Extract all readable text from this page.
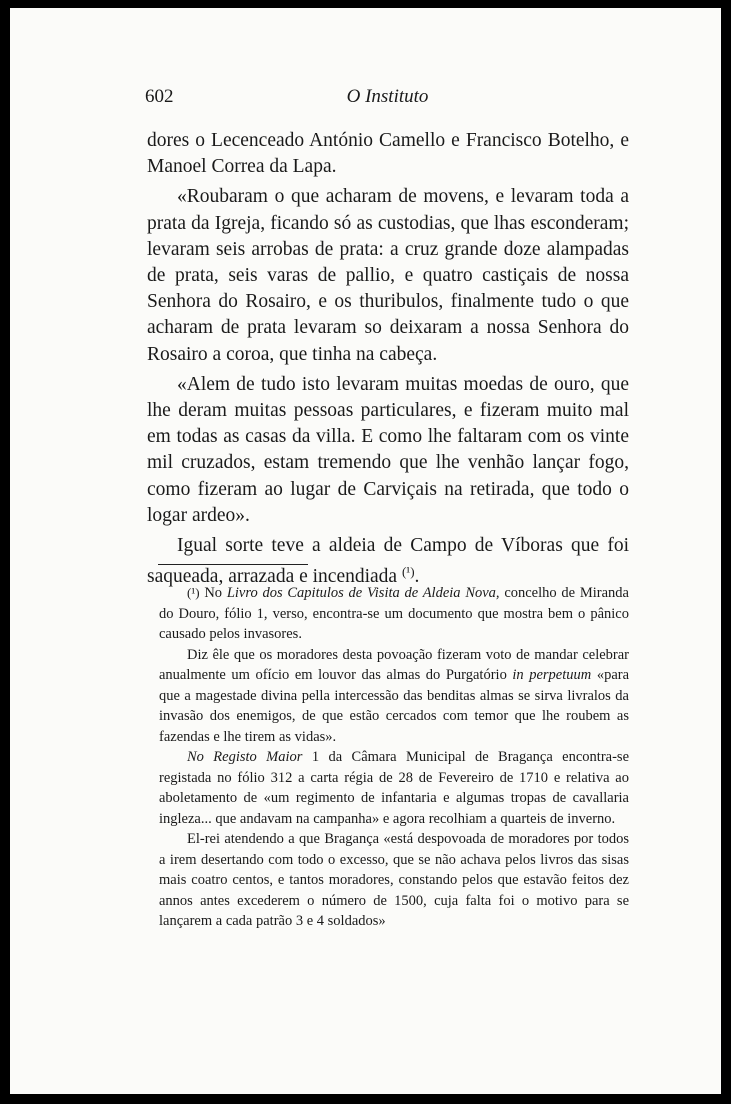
602	O Instituto

dores o Lecenceado António Camello e Francisco Botelho, e Manoel Correa da Lapa.

«Roubaram o que acharam de movens, e levaram toda a prata da Igreja, ficando só as custodias, que lhas esconderam; levaram seis arrobas de prata: a cruz grande doze alampadas de prata, seis varas de pallio, e quatro castiçais de nossa Senhora do Rosairo, e os thuribulos, finalmente tudo o que acharam de prata levaram so deixaram a nossa Senhora do Rosairo a coroa, que tinha na cabeça.

«Alem de tudo isto levaram muitas moedas de ouro, que lhe deram muitas pessoas particulares, e fizeram muito mal em todas as casas da villa. E como lhe faltaram com os vinte mil cruzados, estam tremendo que lhe venhão lançar fogo, como fizeram ao lugar de Carviçais na retirada, que todo o logar ardeo».

Igual sorte teve a aldeia de Campo de Víboras que foi saqueada, arrazada e incendiada $^{(^1)}$.

(¹) No Livro dos Capitulos de Visita de Aldeia Nova, concelho de Miranda do Douro, fólio 1, verso, encontra-se um documento que mostra bem o pânico causado pelos invasores.

Diz êle que os moradores desta povoação fizeram voto de mandar celebrar anualmente um ofício em louvor das almas do Purgatório in perpetuum «para que a magestade divina pella intercessão das benditas almas se sirva livralos da invasão dos enemigos, de que estão cercados com temor que lhe roubem as fazendas e lhe tirem as vidas».

No Registo Maior 1 da Câmara Municipal de Bragança encontra-se registada no fólio 312 a carta régia de 28 de Fevereiro de 1710 e relativa ao aboletamento de «um regimento de infantaria e algumas tropas de cavallaria ingleza... que andavam na campanha» e agora recolhiam a quarteis de inverno.

El-rei atendendo a que Bragança «está despovoada de moradores por todos a irem desertando com todo o excesso, que se não achava pelos livros das sisas mais coatro centos, e tantos moradores, constando pelos que estavão feitos dez annos antes excederem o número de 1500, cuja falta foi o motivo para se lançarem a cada patrão 3 e 4 soldados»
